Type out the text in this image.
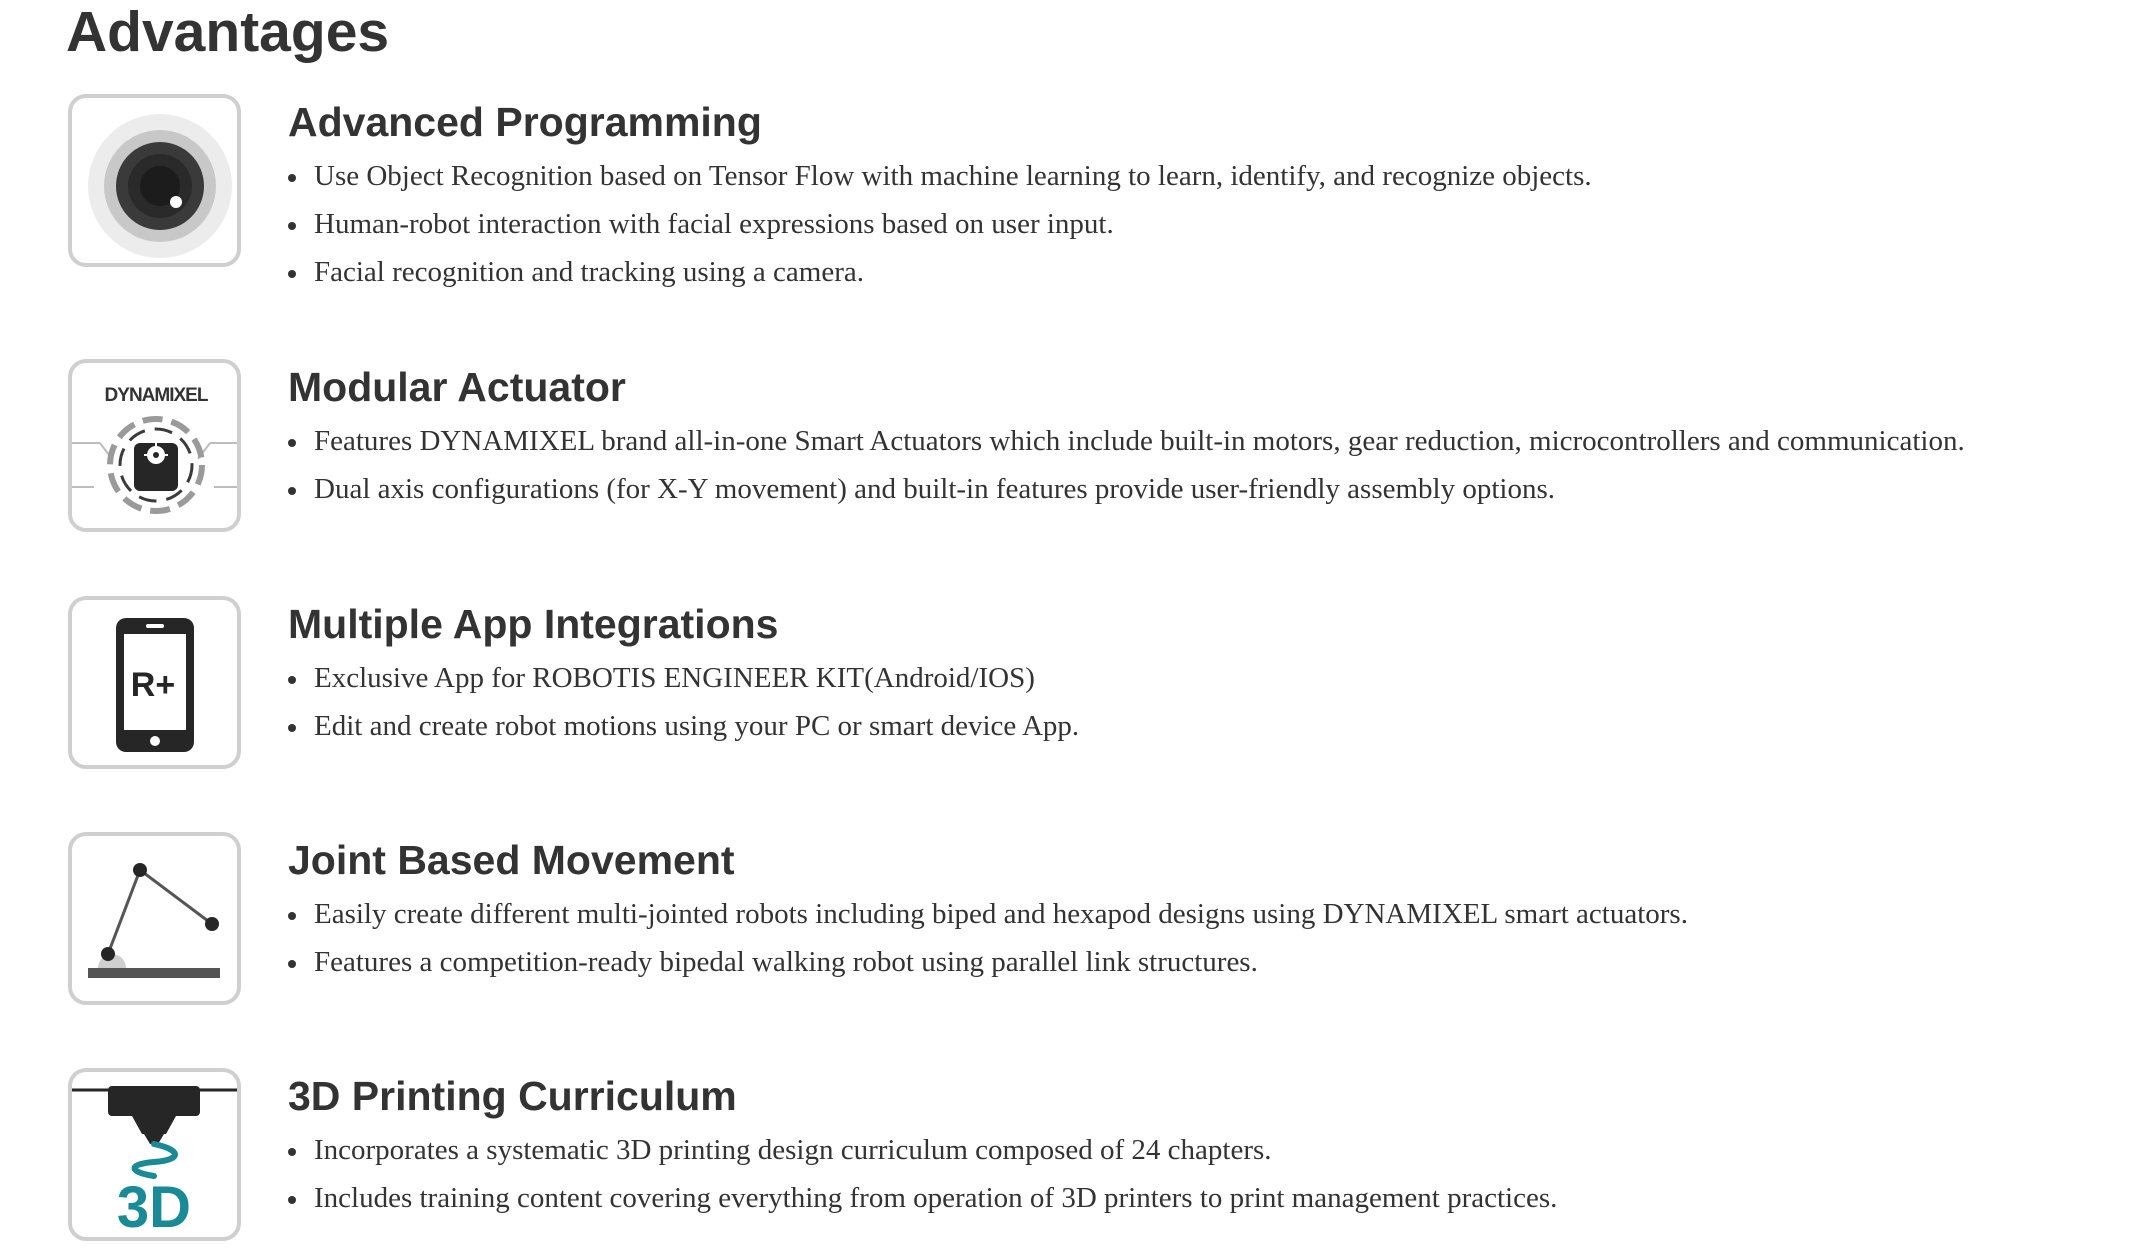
Advantages
Advanced Programming
Use Object Recognition based on Tensor Flow with machine learning to learn, identify, and recognize objects.
Human-robot interaction with facial expressions based on user input.
Facial recognition and tracking using a camera.
DYNAMIXEL Modular Actuator
Features DYNAMIXEL brand all-in-one Smart Actuators which include built-in motors, gear reduction, microcontrollers and communication.
Dual axis configurations (for X-Y movement) and built-in features provide user-friendly assembly options.
R+
Multiple App Integrations
Exclusive App for ROBOTIS ENGINEER KIT(Android/IOS)
Edit and create robot motions using your PC or smart device App.
Joint Based Movement
Easily create different multi-jointed robots including biped and hexapod designs using DYNAMIXEL smart actuators.
Features a competition-ready bipedal walking robot using parallel link structures.
3D
3D Printing Curriculum
Incorporates a systematic 3D printing design curriculum composed of 24 chapters.
Includes training content covering everything from operation of 3D printers to print management practices.
